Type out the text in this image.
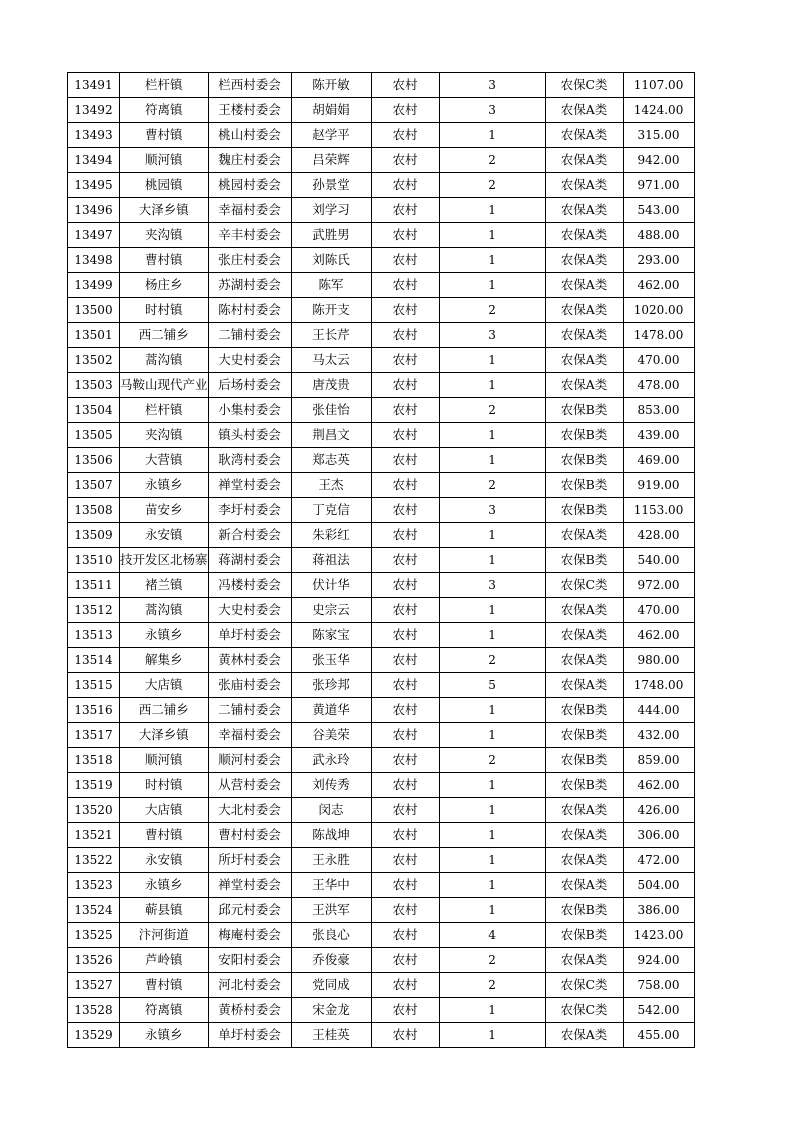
13491	栏杆镇	栏西村委会	陈开敏	农村	3	农保C类	1107.00
13492	符离镇	王楼村委会	胡娟娟	农村	3	农保A类	1424.00
13493	曹村镇	桃山村委会	赵学平	农村	1	农保A类	315.00
13494	顺河镇	魏庄村委会	吕荣辉	农村	2	农保A类	942.00
13495	桃园镇	桃园村委会	孙景堂	农村	2	农保A类	971.00
13496	大泽乡镇	幸福村委会	刘学习	农村	1	农保A类	543.00
13497	夹沟镇	辛丰村委会	武胜男	农村	1	农保A类	488.00
13498	曹村镇	张庄村委会	刘陈氏	农村	1	农保A类	293.00
13499	杨庄乡	苏湖村委会	陈军	农村	1	农保A类	462.00
13500	时村镇	陈村村委会	陈开支	农村	2	农保A类	1020.00
13501	西二铺乡	二铺村委会	王长芹	农村	3	农保A类	1478.00
13502	蒿沟镇	大史村委会	马太云	农村	1	农保A类	470.00
13503	马鞍山现代产业	后场村委会	唐茂贵	农村	1	农保A类	478.00
13504	栏杆镇	小集村委会	张佳怡	农村	2	农保B类	853.00
13505	夹沟镇	镇头村委会	荆昌文	农村	1	农保B类	439.00
13506	大营镇	耿湾村委会	郑志英	农村	1	农保B类	469.00
13507	永镇乡	禅堂村委会	王杰	农村	2	农保B类	919.00
13508	苗安乡	李圩村委会	丁克信	农村	3	农保B类	1153.00
13509	永安镇	新合村委会	朱彩红	农村	1	农保A类	428.00
13510	技开发区北杨寨	蒋湖村委会	蒋祖法	农村	1	农保B类	540.00
13511	褚兰镇	冯楼村委会	伏计华	农村	3	农保C类	972.00
13512	蒿沟镇	大史村委会	史宗云	农村	1	农保A类	470.00
13513	永镇乡	单圩村委会	陈家宝	农村	1	农保A类	462.00
13514	解集乡	黄林村委会	张玉华	农村	2	农保A类	980.00
13515	大店镇	张庙村委会	张珍邦	农村	5	农保A类	1748.00
13516	西二铺乡	二铺村委会	黄道华	农村	1	农保B类	444.00
13517	大泽乡镇	幸福村委会	谷美荣	农村	1	农保B类	432.00
13518	顺河镇	顺河村委会	武永玲	农村	2	农保B类	859.00
13519	时村镇	从营村委会	刘传秀	农村	1	农保B类	462.00
13520	大店镇	大北村委会	闵志	农村	1	农保A类	426.00
13521	曹村镇	曹村村委会	陈战坤	农村	1	农保A类	306.00
13522	永安镇	所圩村委会	王永胜	农村	1	农保A类	472.00
13523	永镇乡	禅堂村委会	王华中	农村	1	农保A类	504.00
13524	蕲县镇	邱元村委会	王洪军	农村	1	农保B类	386.00
13525	汴河街道	梅庵村委会	张良心	农村	4	农保B类	1423.00
13526	芦岭镇	安阳村委会	乔俊豪	农村	2	农保A类	924.00
13527	曹村镇	河北村委会	党同成	农村	2	农保C类	758.00
13528	符离镇	黄桥村委会	宋金龙	农村	1	农保C类	542.00
13529	永镇乡	单圩村委会	王桂英	农村	1	农保A类	455.00
